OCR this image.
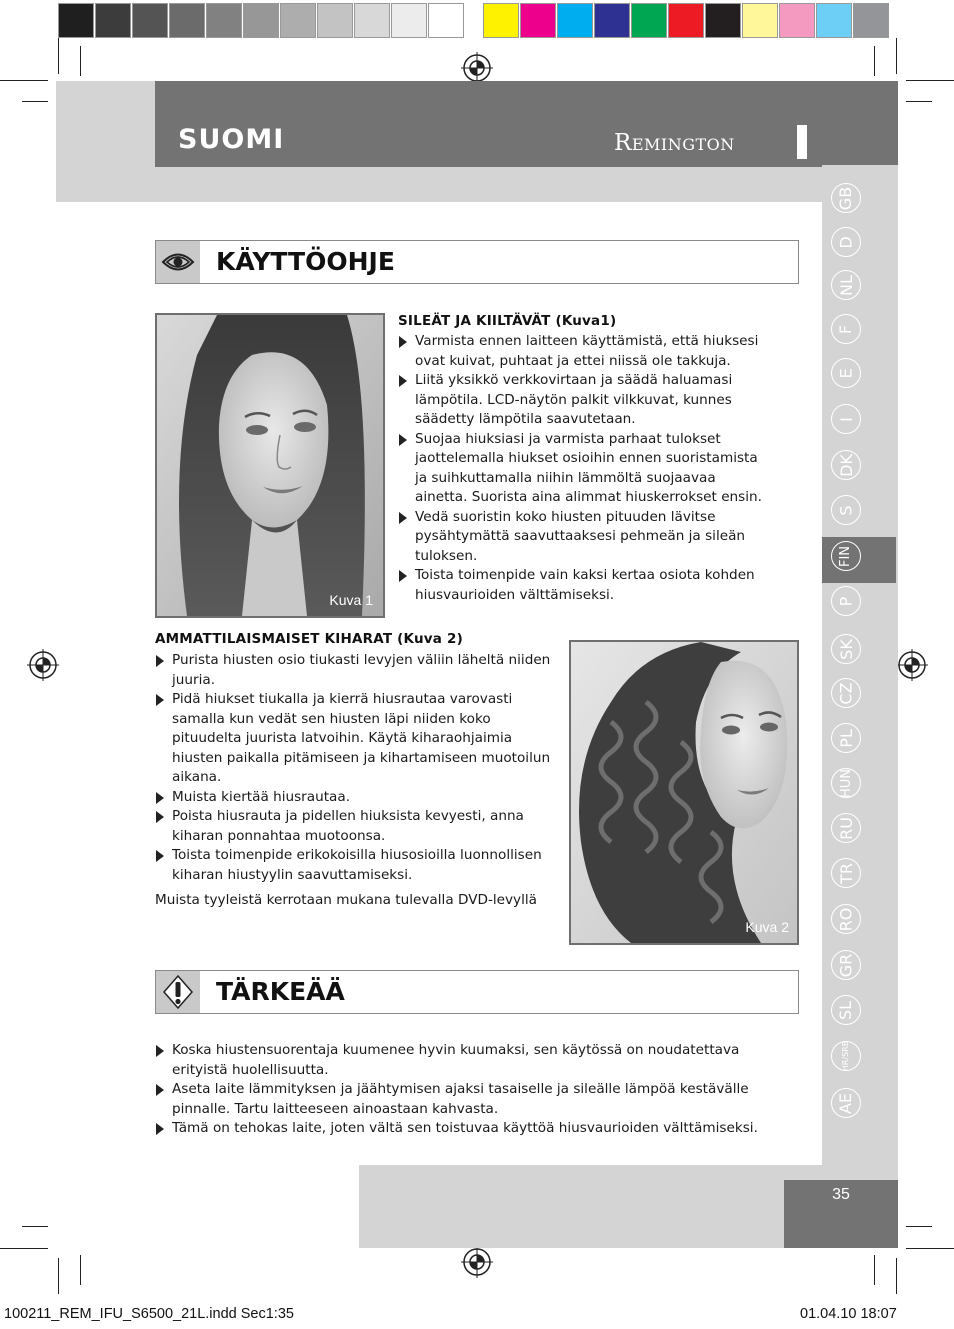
SUOMI	Remington
GB
D
NL
F
E
I
DK
S
FIN
P
SK
CZ
PL
HUN
RU
TR
RO
GR
SL
HR/SRB
AE
KÄYTTÖOHJE
Kuva 1
SILEÄT JA KIILTÄVÄT (Kuva1)
Varmista ennen laitteen käyttämistä, että hiuksesi ovat kuivat, puhtaat ja ettei niissä ole takkuja.
Liitä yksikkö verkkovirtaan ja säädä haluamasi lämpötila. LCD-näytön palkit vilkkuvat, kunnes säädetty lämpötila saavutetaan.
Suojaa hiuksiasi ja varmista parhaat tulokset jaottelemalla hiukset osioihin ennen suoristamista ja suihkuttamalla niihin lämmöltä suojaavaa ainetta. Suorista aina alimmat hiuskerrokset ensin.
Vedä suoristin koko hiusten pituuden lävitse pysähtymättä saavuttaaksesi pehmeän ja sileän tuloksen.
Toista toimenpide vain kaksi kertaa osiota kohden hiusvaurioiden välttämiseksi.
AMMATTILAISMAISET KIHARAT (Kuva 2)
Purista hiusten osio tiukasti levyjen väliin läheltä niiden juuria.
Pidä hiukset tiukalla ja kierrä hiusrautaa varovasti samalla kun vedät sen hiusten läpi niiden koko pituudelta juurista latvoihin. Käytä kiharaohjaimia hiusten paikalla pitämiseen ja kihartamiseen muotoilun aikana.
Muista kiertää hiusrautaa.
Poista hiusrauta ja pidellen hiuksista kevyesti, anna kiharan ponnahtaa muotoonsa.
Toista toimenpide erikokoisilla hiusosioilla luonnollisen kiharan hiustyylin saavuttamiseksi.
Muista tyyleistä kerrotaan mukana tulevalla DVD-levyllä
Kuva 2
TÄRKEÄÄ
Koska hiustensuorentaja kuumenee hyvin kuumaksi, sen käytössä on noudatettava erityistä huolellisuutta.
Aseta laite lämmityksen ja jäähtymisen ajaksi tasaiselle ja sileälle lämpöä kestävälle pinnalle. Tartu laitteeseen ainoastaan kahvasta.
Tämä on tehokas laite, joten vältä sen toistuvaa käyttöä hiusvaurioiden välttämiseksi.
35
100211_REM_IFU_S6500_21L.indd Sec1:35	01.04.10 18:07
